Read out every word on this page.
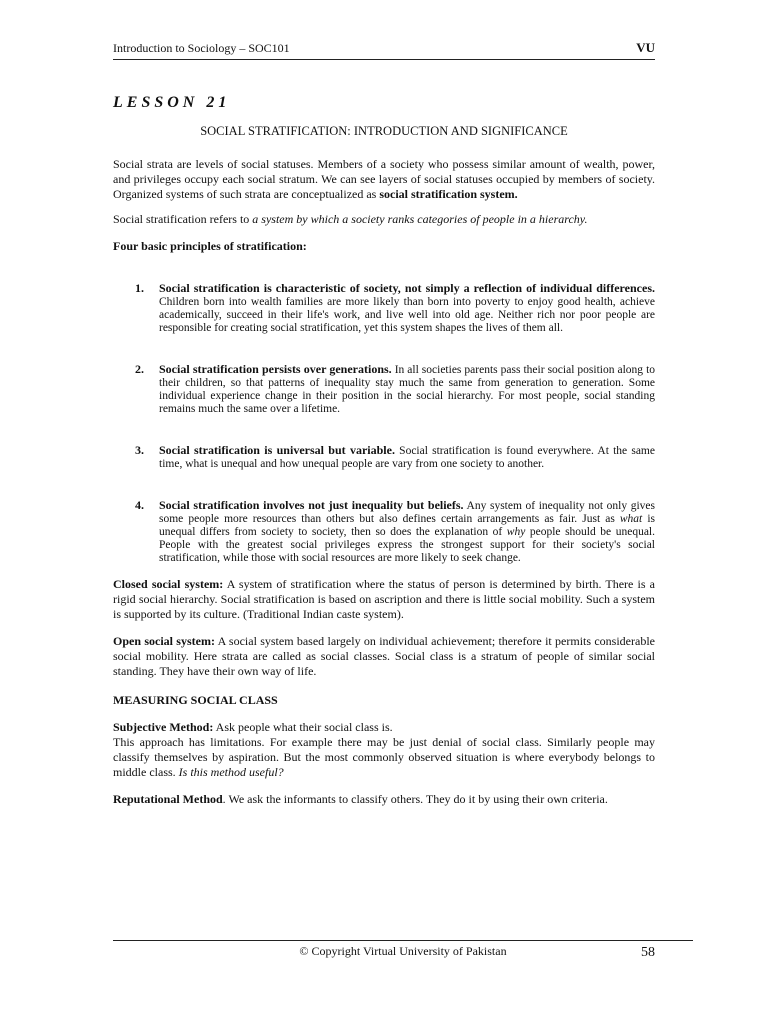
Introduction to Sociology – SOC101	VU
LESSON 21
SOCIAL STRATIFICATION: INTRODUCTION AND SIGNIFICANCE

Social strata are levels of social statuses. Members of a society who possess similar amount of wealth, power, and privileges occupy each social stratum. We can see layers of social statuses occupied by members of society. Organized systems of such strata are conceptualized as social stratification system.

Social stratification refers to a system by which a society ranks categories of people in a hierarchy.

Four basic principles of stratification:
1.	Social stratification is characteristic of society, not simply a reflection of individual differences. Children born into wealth families are more likely than born into poverty to enjoy good health, achieve academically, succeed in their life's work, and live well into old age. Neither rich nor poor people are responsible for creating social stratification, yet this system shapes the lives of them all.
2.	Social stratification persists over generations. In all societies parents pass their social position along to their children, so that patterns of inequality stay much the same from generation to generation. Some individual experience change in their position in the social hierarchy. For most people, social standing remains much the same over a lifetime.
3.	Social stratification is universal but variable. Social stratification is found everywhere. At the same time, what is unequal and how unequal people are vary from one society to another.
4.	Social stratification involves not just inequality but beliefs. Any system of inequality not only gives some people more resources than others but also defines certain arrangements as fair. Just as what is unequal differs from society to society, then so does the explanation of why people should be unequal. People with the greatest social privileges express the strongest support for their society's social stratification, while those with social resources are more likely to seek change.

Closed social system: A system of stratification where the status of person is determined by birth. There is a rigid social hierarchy. Social stratification is based on ascription and there is little social mobility. Such a system is supported by its culture. (Traditional Indian caste system).

Open social system: A social system based largely on individual achievement; therefore it permits considerable social mobility. Here strata are called as social classes. Social class is a stratum of people of similar social standing. They have their own way of life.

MEASURING SOCIAL CLASS

Subjective Method: Ask people what their social class is.
This approach has limitations. For example there may be just denial of social class. Similarly people may classify themselves by aspiration. But the most commonly observed situation is where everybody belongs to middle class. Is this method useful?

Reputational Method. We ask the informants to classify others. They do it by using their own criteria.

© Copyright Virtual University of Pakistan	58
